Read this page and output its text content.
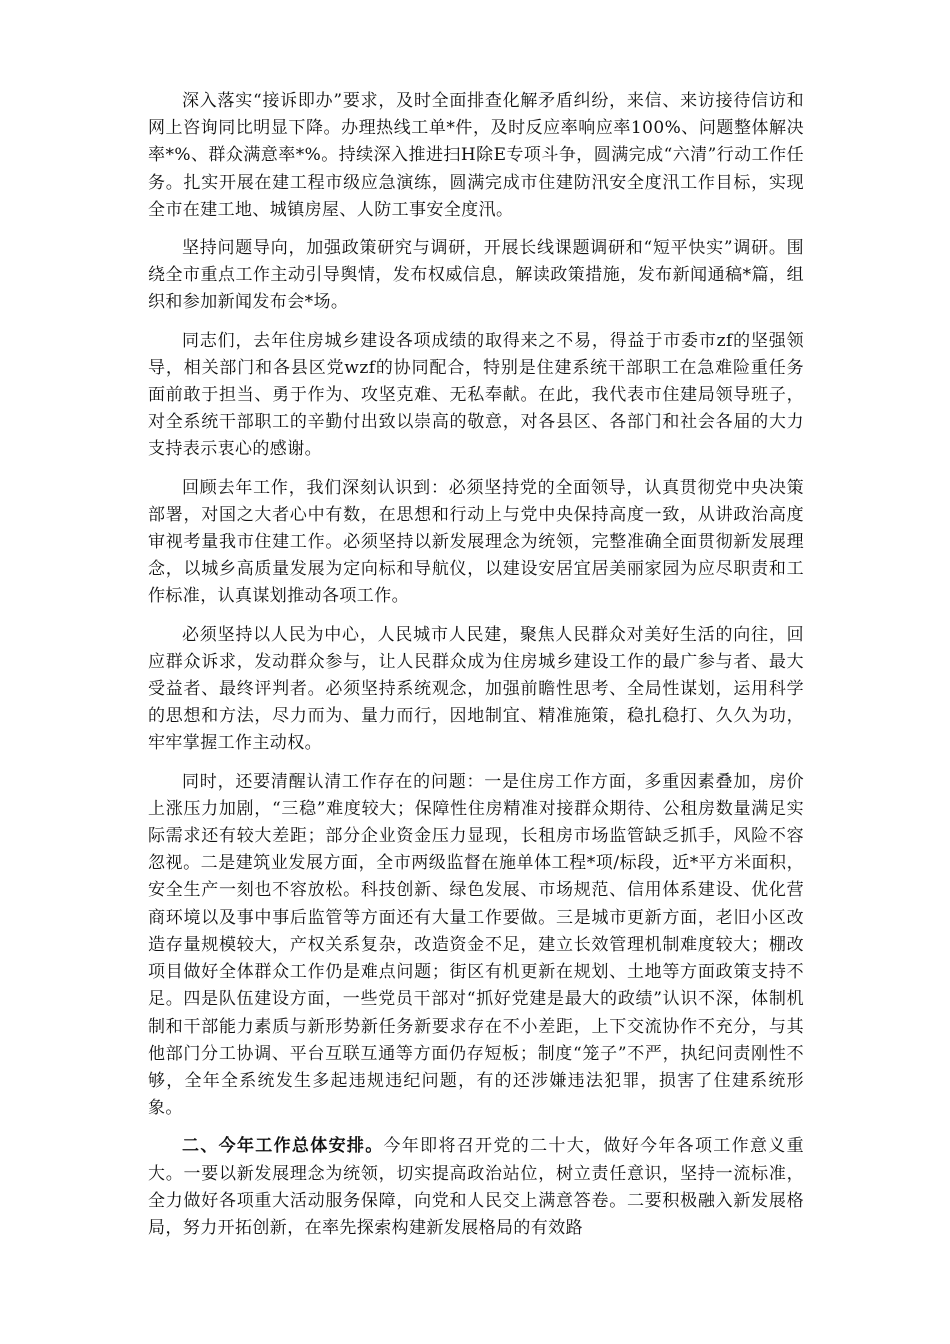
深入落实“接诉即办”要求，及时全面排查化解矛盾纠纷，来信、来访接待信访和网上咨询同比明显下降。办理热线工单*件，及时反应率响应率100%、问题整体解决率*%、群众满意率*%。持续深入推进扫H除E专项斗争，圆满完成“六清”行动工作任务。扎实开展在建工程市级应急演练，圆满完成市住建防汛安全度汛工作目标，实现全市在建工地、城镇房屋、人防工事安全度汛。

坚持问题导向，加强政策研究与调研，开展长线课题调研和“短平快实”调研。围绕全市重点工作主动引导舆情，发布权威信息，解读政策措施，发布新闻通稿*篇，组织和参加新闻发布会*场。

同志们，去年住房城乡建设各项成绩的取得来之不易，得益于市委市zf的坚强领导，相关部门和各县区党wzf的协同配合，特别是住建系统干部职工在急难险重任务面前敢于担当、勇于作为、攻坚克难、无私奉献。在此，我代表市住建局领导班子，对全系统干部职工的辛勤付出致以崇高的敬意，对各县区、各部门和社会各届的大力支持表示衷心的感谢。

回顾去年工作，我们深刻认识到：必须坚持党的全面领导，认真贯彻党中央决策部署，对国之大者心中有数，在思想和行动上与党中央保持高度一致，从讲政治高度审视考量我市住建工作。必须坚持以新发展理念为统领，完整准确全面贯彻新发展理念，以城乡高质量发展为定向标和导航仪，以建设安居宜居美丽家园为应尽职责和工作标准，认真谋划推动各项工作。

必须坚持以人民为中心，人民城市人民建，聚焦人民群众对美好生活的向往，回应群众诉求，发动群众参与，让人民群众成为住房城乡建设工作的最广参与者、最大受益者、最终评判者。必须坚持系统观念，加强前瞻性思考、全局性谋划，运用科学的思想和方法，尽力而为、量力而行，因地制宜、精准施策，稳扎稳打、久久为功，牢牢掌握工作主动权。

同时，还要清醒认清工作存在的问题：一是住房工作方面，多重因素叠加，房价上涨压力加剧，“三稳”难度较大；保障性住房精准对接群众期待、公租房数量满足实际需求还有较大差距；部分企业资金压力显现，长租房市场监管缺乏抓手，风险不容忽视。二是建筑业发展方面，全市两级监督在施单体工程*项/标段，近*平方米面积，安全生产一刻也不容放松。科技创新、绿色发展、市场规范、信用体系建设、优化营商环境以及事中事后监管等方面还有大量工作要做。三是城市更新方面，老旧小区改造存量规模较大，产权关系复杂，改造资金不足，建立长效管理机制难度较大；棚改项目做好全体群众工作仍是难点问题；街区有机更新在规划、土地等方面政策支持不足。四是队伍建设方面，一些党员干部对“抓好党建是最大的政绩”认识不深，体制机制和干部能力素质与新形势新任务新要求存在不小差距，上下交流协作不充分，与其他部门分工协调、平台互联互通等方面仍存短板；制度“笼子”不严，执纪问责刚性不够，全年全系统发生多起违规违纪问题，有的还涉嫌违法犯罪，损害了住建系统形象。

二、今年工作总体安排。今年即将召开党的二十大，做好今年各项工作意义重大。一要以新发展理念为统领，切实提高政治站位，树立责任意识，坚持一流标准，全力做好各项重大活动服务保障，向党和人民交上满意答卷。二要积极融入新发展格局，努力开拓创新，在率先探索构建新发展格局的有效路
